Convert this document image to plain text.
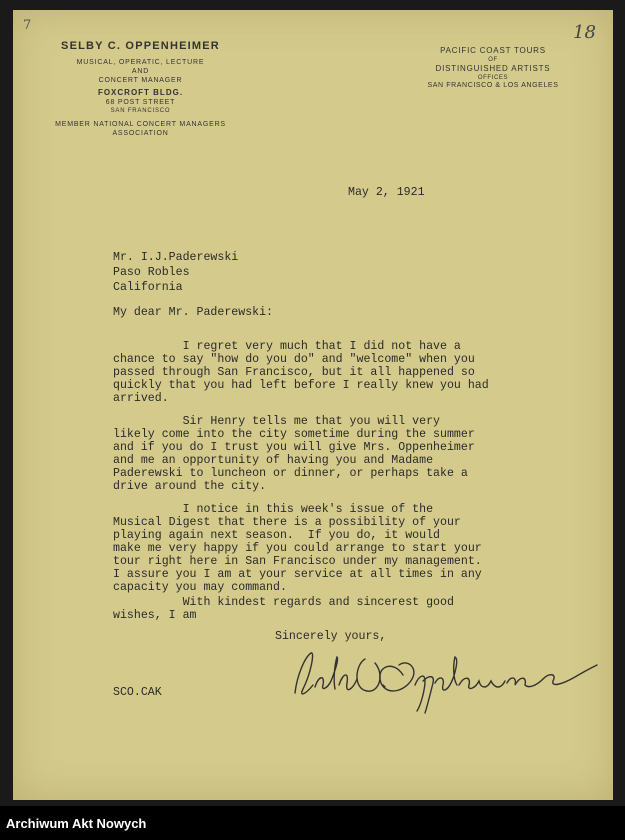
7	18
SELBY C. OPPENHEIMER
MUSICAL, OPERATIC, LECTURE
AND
CONCERT MANAGER
FOXCROFT BLDG.
68 POST STREET
SAN FRANCISCO
MEMBER NATIONAL CONCERT MANAGERS
ASSOCIATION
PACIFIC COAST TOURS
OF
DISTINGUISHED ARTISTS
OFFICES
SAN FRANCISCO & LOS ANGELES
May 2, 1921
Mr. I.J.Paderewski
Paso Robles
California
My dear Mr. Paderewski:
I regret very much that I did not have a
chance to say "how do you do" and "welcome" when you
passed through San Francisco, but it all happened so
quickly that you had left before I really knew you had
arrived.
Sir Henry tells me that you will very
likely come into the city sometime during the summer
and if you do I trust you will give Mrs. Oppenheimer
and me an opportunity of having you and Madame
Paderewski to luncheon or dinner, or perhaps take a
drive around the city.
I notice in this week's issue of the
Musical Digest that there is a possibility of your
playing again next season.  If you do, it would
make me very happy if you could arrange to start your
tour right here in San Francisco under my management.
I assure you I am at your service at all times in any
capacity you may command.
With kindest regards and sincerest good
wishes, I am
Sincerely yours,
SCO.CAK
Archiwum Akt Nowych
